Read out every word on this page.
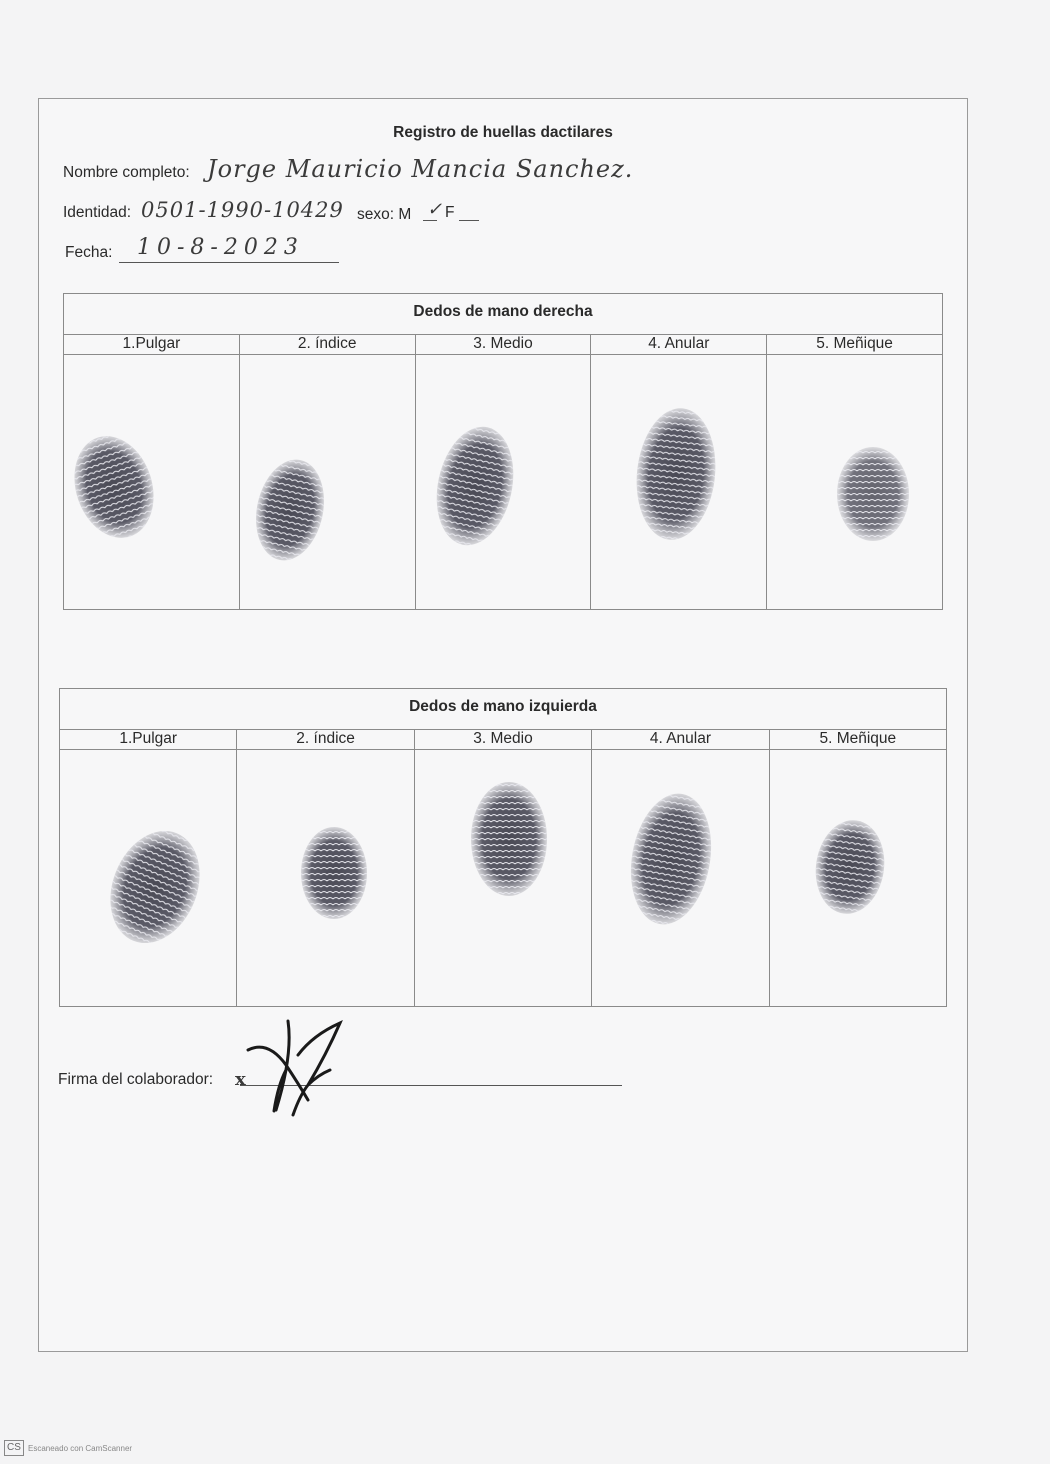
Registro de huellas dactilares
Nombre completo: Jorge Mauricio Mancia Sanchez.
Identidad: 0501-1990-10429 sexo: M ✓ F
Fecha: 10-8-2023
Dedos de mano derecha
1.Pulgar	2. índice	3. Medio	4. Anular	5. Meñique
Dedos de mano izquierda
1.Pulgar	2. índice	3. Medio	4. Anular	5. Meñique
Firma del colaborador: x
CS Escaneado con CamScanner
